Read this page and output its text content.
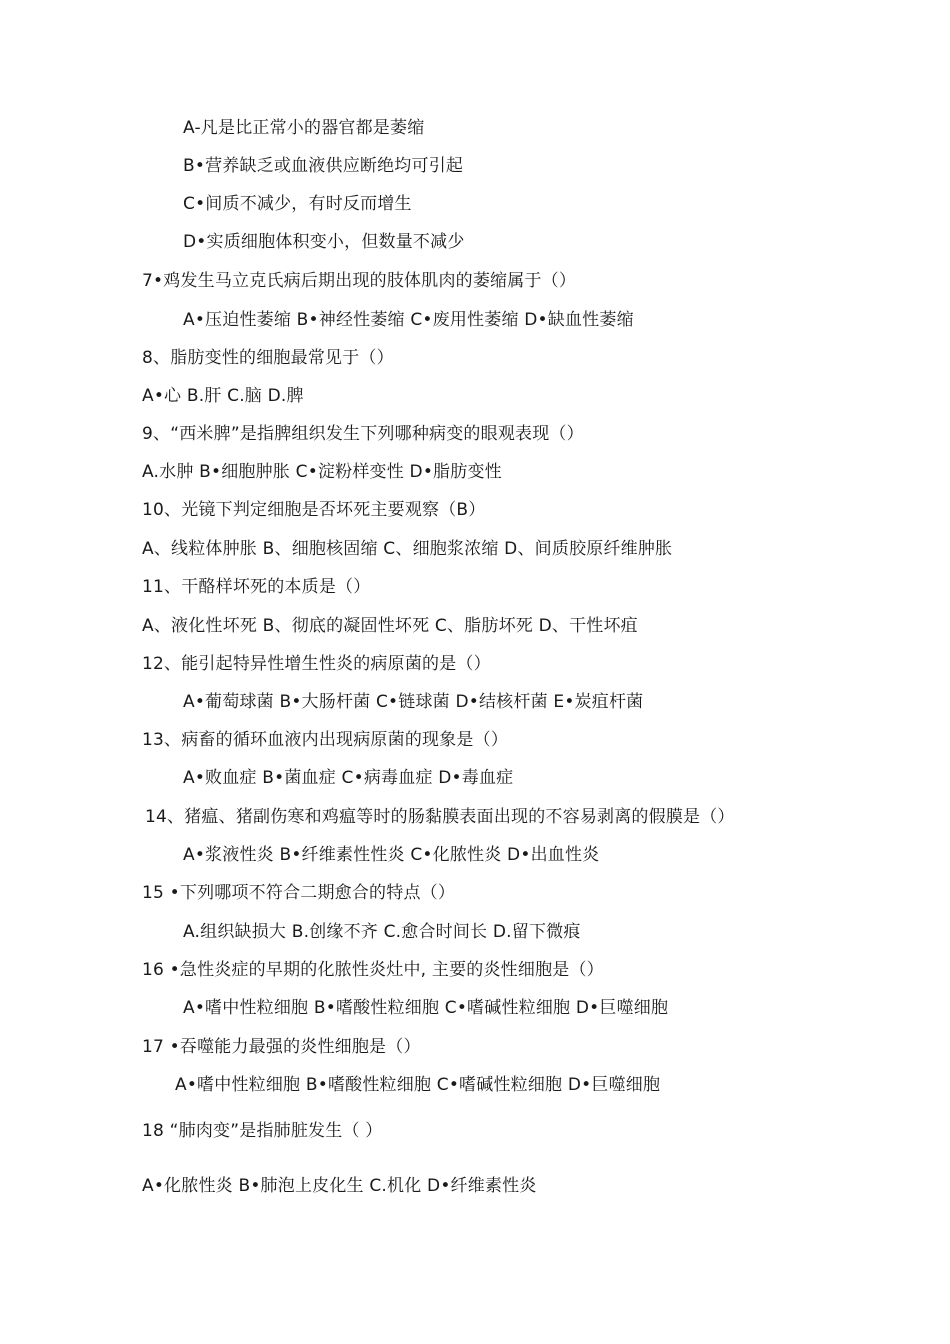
A-凡是比正常小的器官都是萎缩
B•营养缺乏或血液供应断绝均可引起
C•间质不减少，有时反而增生
D•实质细胞体积变小，但数量不减少
7•鸡发生马立克氏病后期出现的肢体肌肉的萎缩属于（）
A•压迫性萎缩 B•神经性萎缩 C•废用性萎缩 D•缺血性萎缩
8、脂肪变性的细胞最常见于（）
A•心 B.肝 C.脑 D.脾
9、“西米脾”是指脾组织发生下列哪种病变的眼观表现（）
A.水肿 B•细胞肿胀 C•淀粉样变性 D•脂肪变性
10、光镜下判定细胞是否坏死主要观察（B）
A、线粒体肿胀 B、细胞核固缩 C、细胞浆浓缩 D、间质胶原纤维肿胀
11、干酪样坏死的本质是（）
A、液化性坏死 B、彻底的凝固性坏死 C、脂肪坏死 D、干性坏疽
12、能引起特异性增生性炎的病原菌的是（）
A•葡萄球菌 B•大肠杆菌 C•链球菌 D•结核杆菌 E•炭疽杆菌
13、病畜的循环血液内出现病原菌的现象是（）
A•败血症 B•菌血症 C•病毒血症 D•毒血症
14、猪瘟、猪副伤寒和鸡瘟等时的肠黏膜表面出现的不容易剥离的假膜是（）
A•浆液性炎 B•纤维素性性炎 C•化脓性炎 D•出血性炎
15 •下列哪项不符合二期愈合的特点（）
A.组织缺损大 B.创缘不齐 C.愈合时间长 D.留下微痕
16 •急性炎症的早期的化脓性炎灶中, 主要的炎性细胞是（）
A•嗜中性粒细胞 B•嗜酸性粒细胞 C•嗜碱性粒细胞 D•巨噬细胞
17 •吞噬能力最强的炎性细胞是（）
A•嗜中性粒细胞 B•嗜酸性粒细胞 C•嗜碱性粒细胞 D•巨噬细胞
18 “肺肉变”是指肺脏发生（ ）
A•化脓性炎 B•肺泡上皮化生 C.机化 D•纤维素性炎
